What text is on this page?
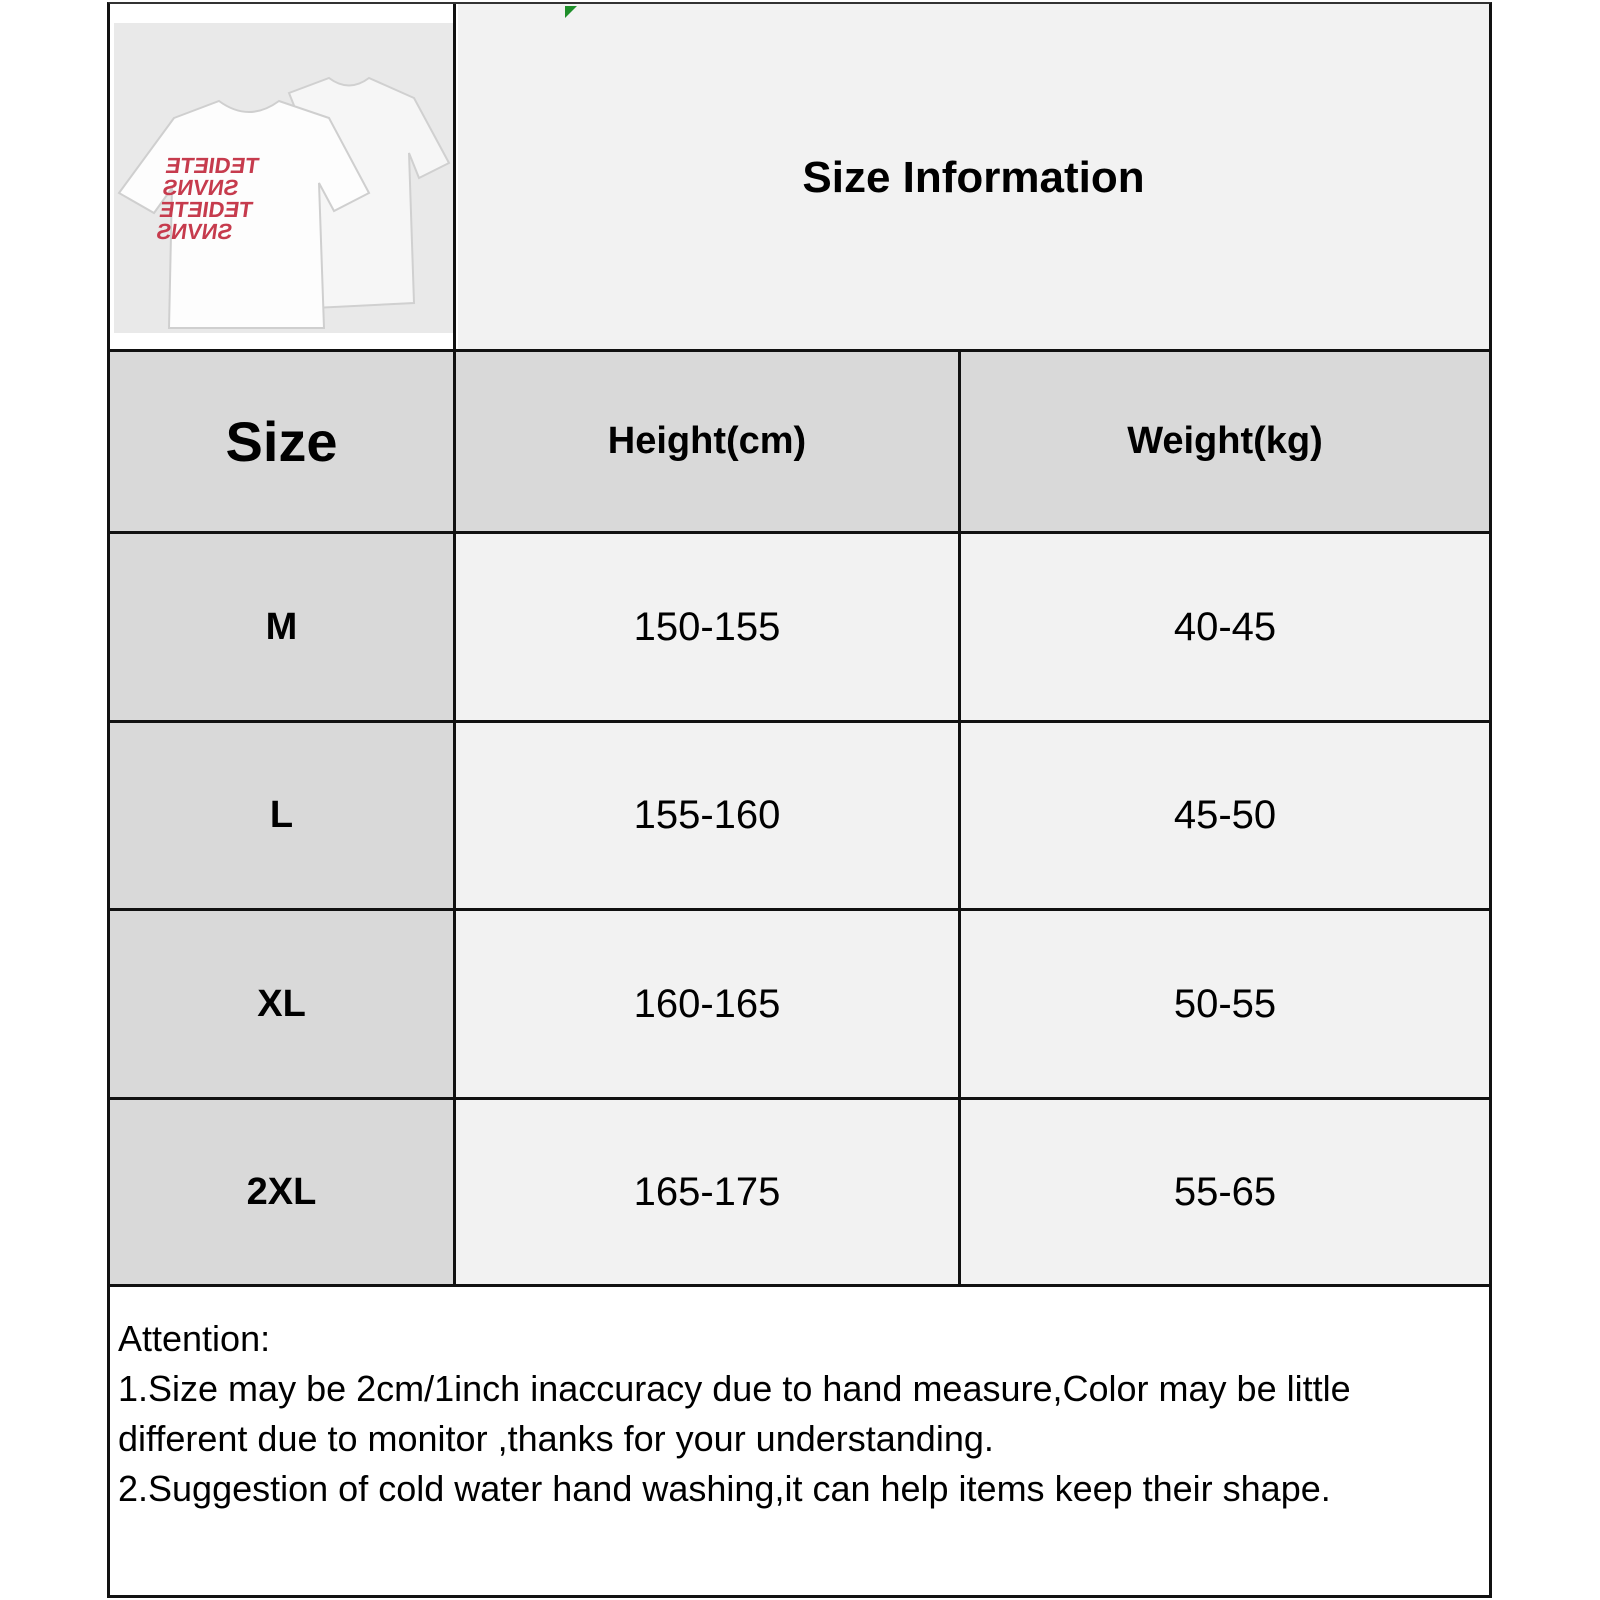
ƎTƎIDƎT
ƧИVИƧ
ƎTƎIDƎT
ƧИVИƧ
Size Information
Size	Height(cm)	Weight(kg)
M	150-155	40-45
L	155-160	45-50
XL	160-165	50-55
2XL	165-175	55-65
Attention:
1.Size may be 2cm/1inch inaccuracy due to hand measure,Color may be little
different due to monitor ,thanks for your understanding.
2.Suggestion of cold water hand washing,it can help items keep their shape.
